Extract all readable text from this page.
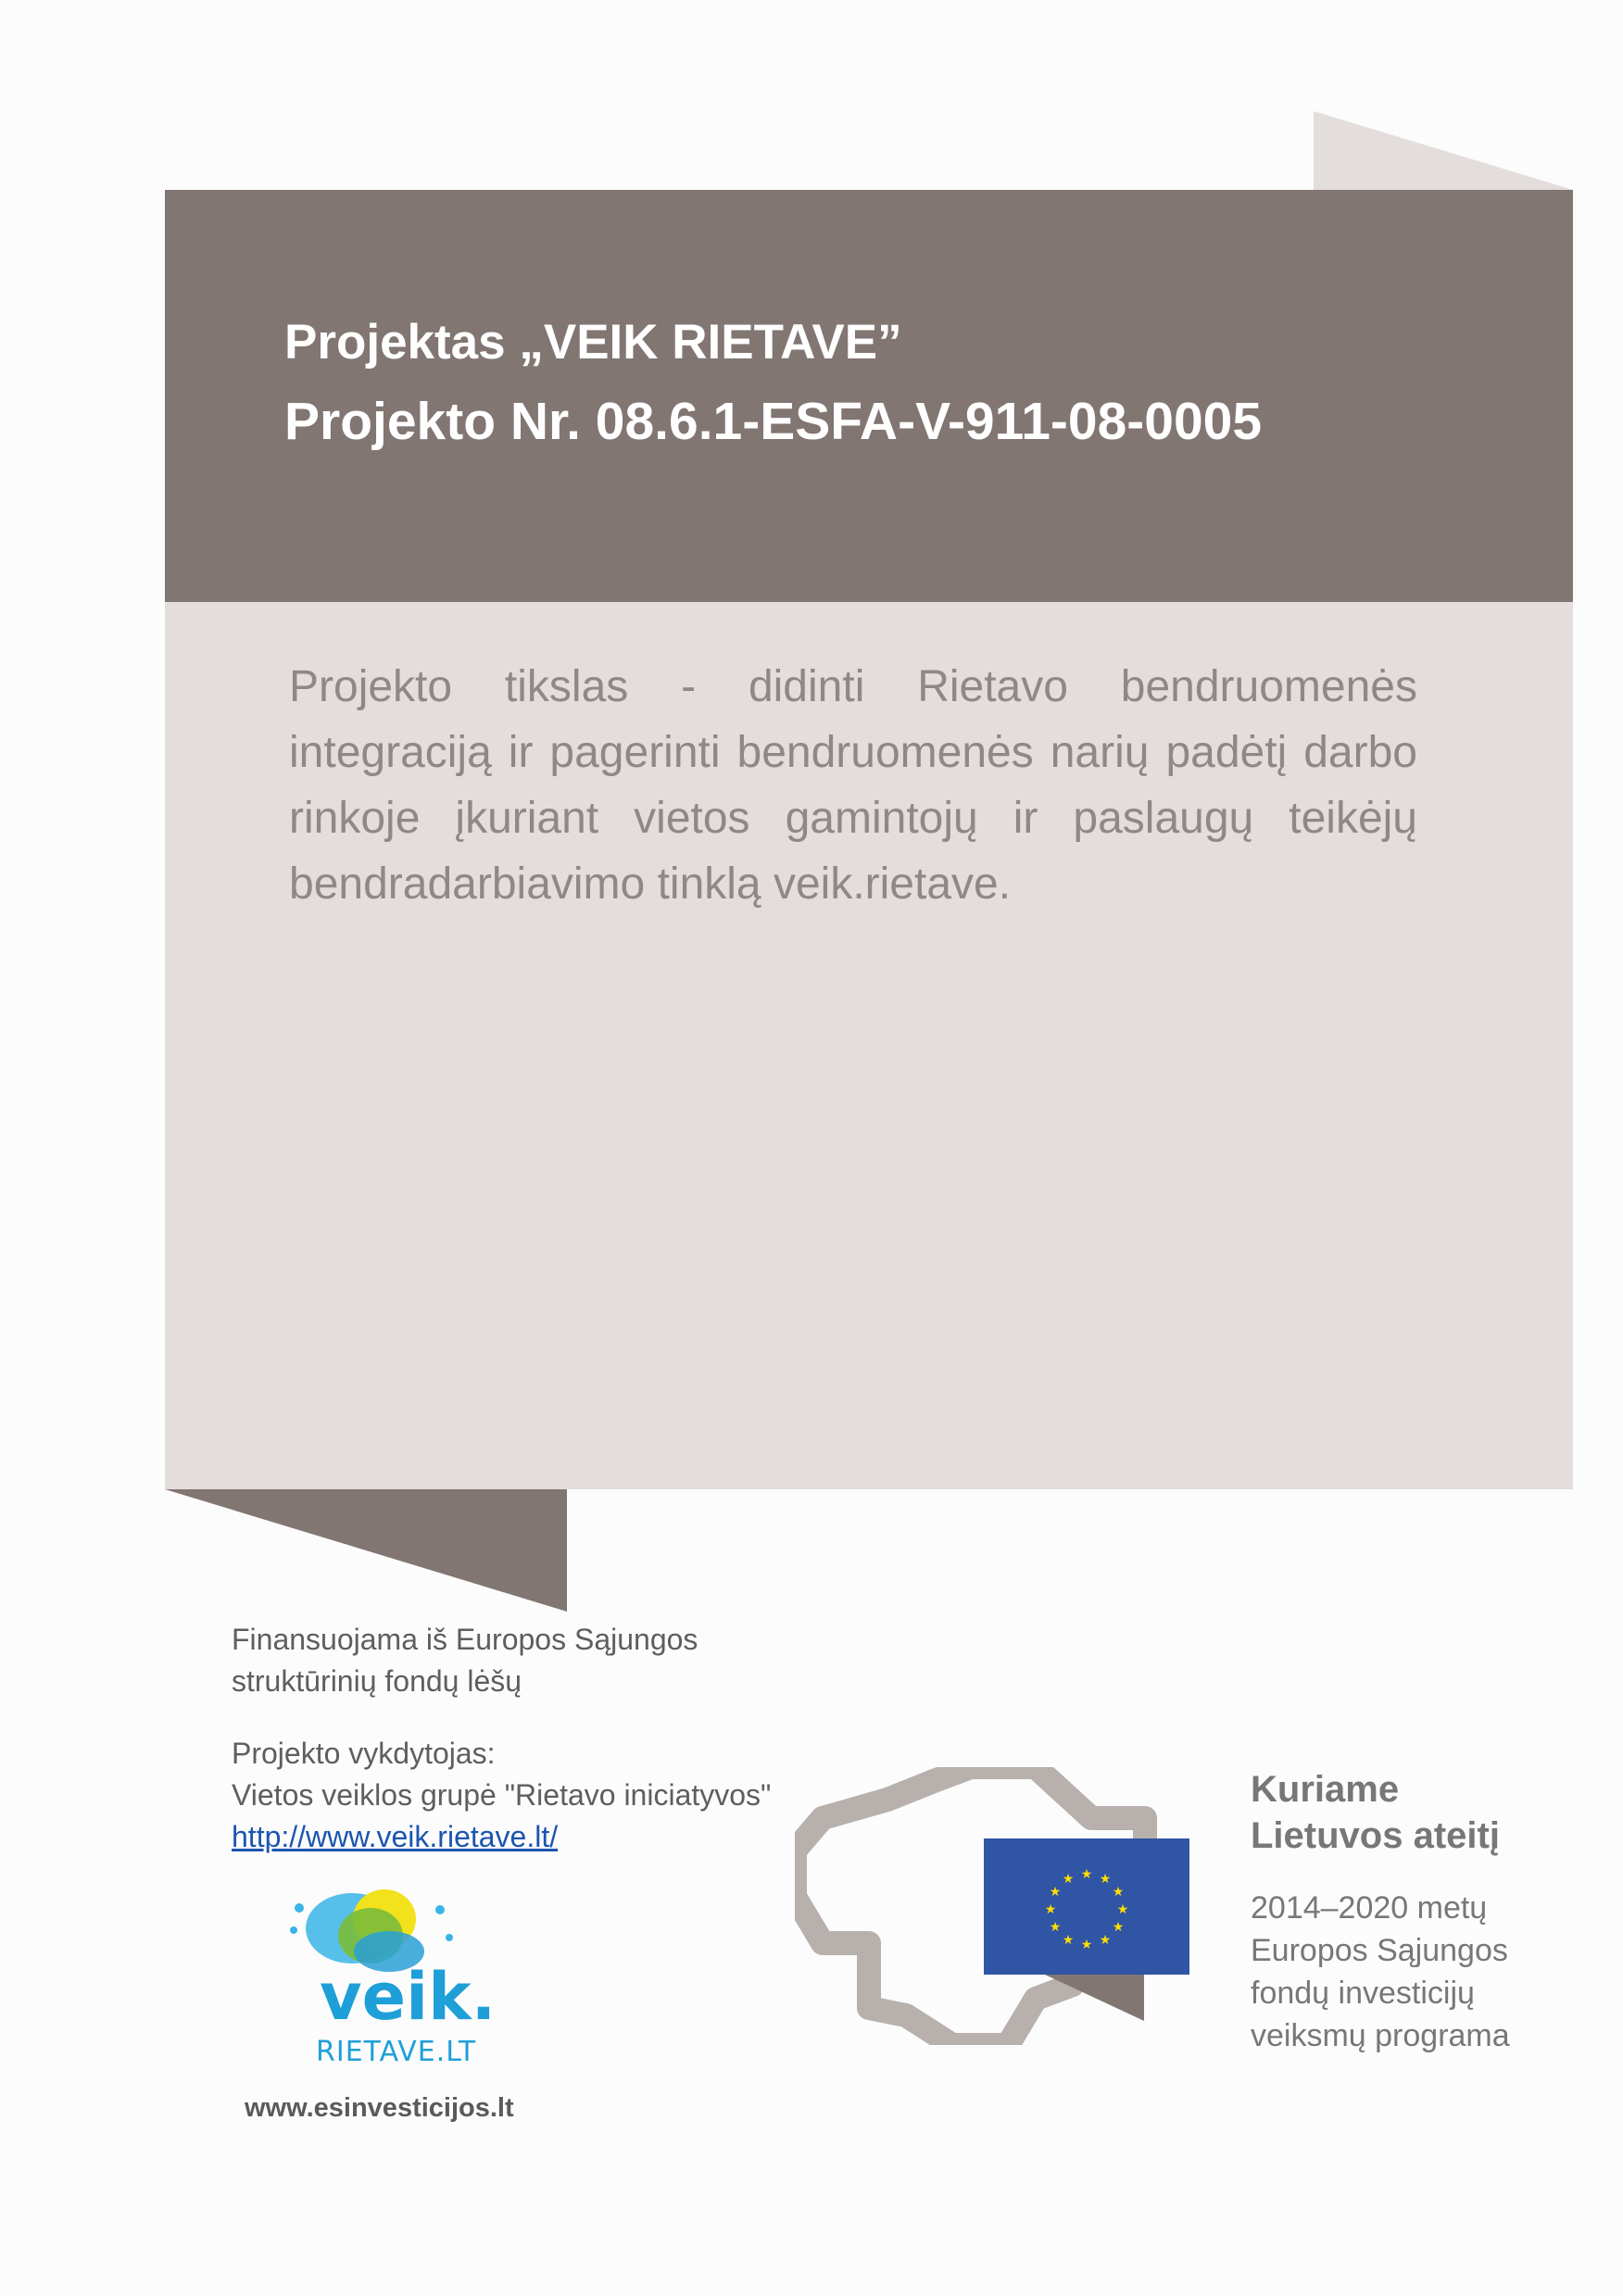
Projektas „VEIK RIETAVE”
Projekto Nr. 08.6.1-ESFA-V-911-08-0005
Projekto tikslas - didinti Rietavo bendruomenės integraciją ir pagerinti bendruomenės narių padėtį darbo rinkoje įkuriant vietos gamintojų ir paslaugų teikėjų bendradarbiavimo tinklą veik.rietave.
Finansuojama iš Europos Sąjungos
struktūrinių fondų lėšų
Projekto vykdytojas:
Vietos veiklos grupė "Rietavo iniciatyvos"
http://www.veik.rietave.lt/
veik.
RIETAVE.LT
www.esinvesticijos.lt
★ ★
★
★
★
★
★
★
★
★
★
★
Kuriame
Lietuvos ateitį
2014–2020 metų
Europos Sąjungos
fondų investicijų
veiksmų programa
